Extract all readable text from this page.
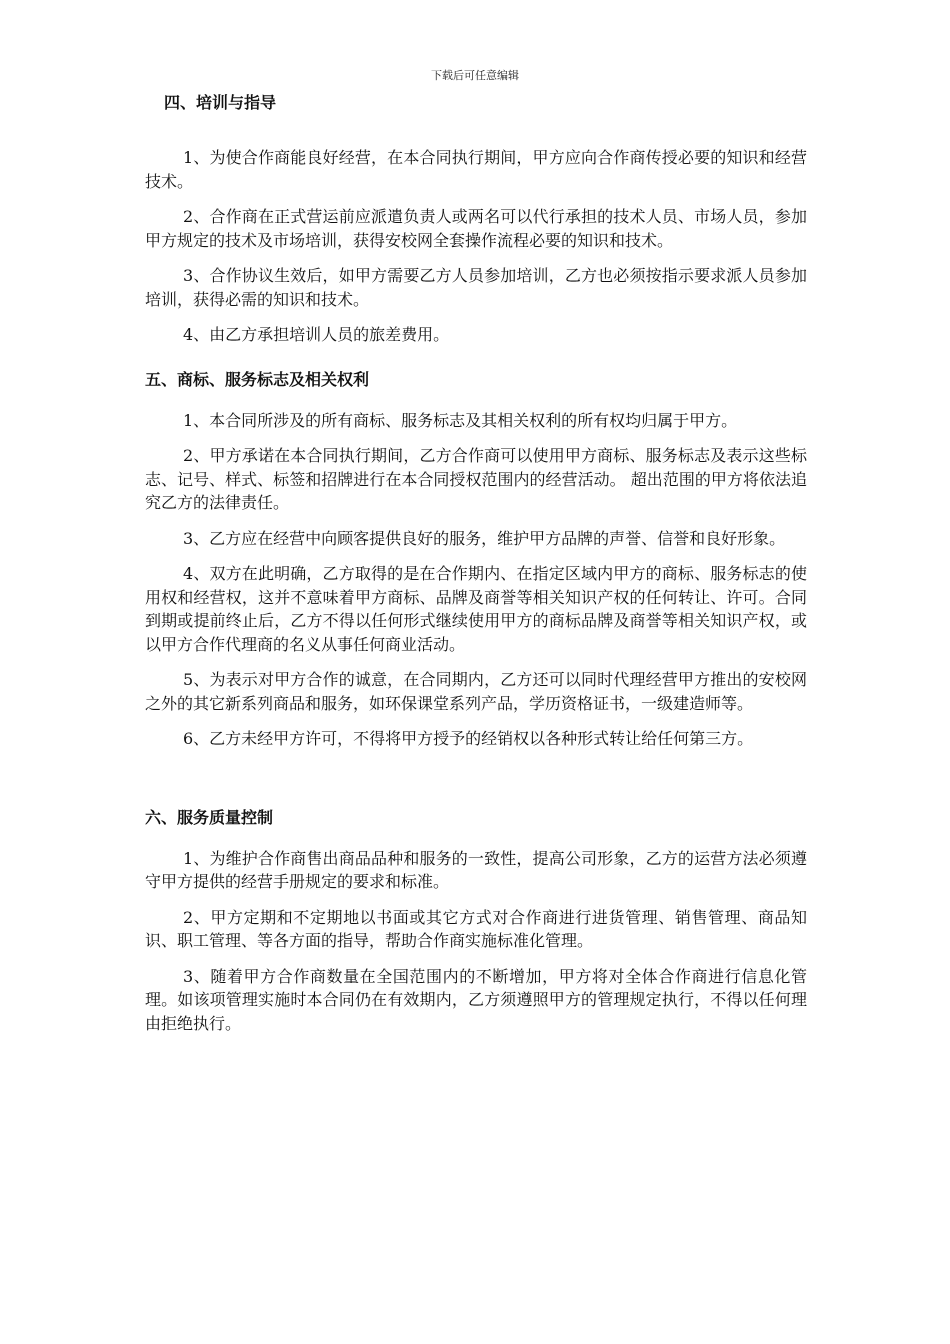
下载后可任意编辑
四、培训与指导

1、为使合作商能良好经营，在本合同执行期间，甲方应向合作商传授必要的知识和经营技术。

2、合作商在正式营运前应派遣负责人或两名可以代行承担的技术人员、市场人员，参加甲方规定的技术及市场培训，获得安校网全套操作流程必要的知识和技术。

3、合作协议生效后，如甲方需要乙方人员参加培训，乙方也必须按指示要求派人员参加培训，获得必需的知识和技术。

4、由乙方承担培训人员的旅差费用。

五、商标、服务标志及相关权利

1、本合同所涉及的所有商标、服务标志及其相关权利的所有权均归属于甲方。

2、甲方承诺在本合同执行期间，乙方合作商可以使用甲方商标、服务标志及表示这些标志、记号、样式、标签和招牌进行在本合同授权范围内的经营活动。 超出范围的甲方将依法追究乙方的法律责任。

3、乙方应在经营中向顾客提供良好的服务，维护甲方品牌的声誉、信誉和良好形象。

4、双方在此明确，乙方取得的是在合作期内、在指定区域内甲方的商标、服务标志的使用权和经营权，这并不意味着甲方商标、品牌及商誉等相关知识产权的任何转让、许可。合同到期或提前终止后，乙方不得以任何形式继续使用甲方的商标品牌及商誉等相关知识产权，或以甲方合作代理商的名义从事任何商业活动。

5、为表示对甲方合作的诚意，在合同期内，乙方还可以同时代理经营甲方推出的安校网之外的其它新系列商品和服务，如环保课堂系列产品，学历资格证书，一级建造师等。

6、乙方未经甲方许可，不得将甲方授予的经销权以各种形式转让给任何第三方。

六、服务质量控制

1、为维护合作商售出商品品种和服务的一致性，提高公司形象，乙方的运营方法必须遵守甲方提供的经营手册规定的要求和标准。

2、甲方定期和不定期地以书面或其它方式对合作商进行进货管理、销售管理、商品知识、职工管理、等各方面的指导，帮助合作商实施标准化管理。

3、随着甲方合作商数量在全国范围内的不断增加，甲方将对全体合作商进行信息化管理。如该项管理实施时本合同仍在有效期内，乙方须遵照甲方的管理规定执行，不得以任何理由拒绝执行。
